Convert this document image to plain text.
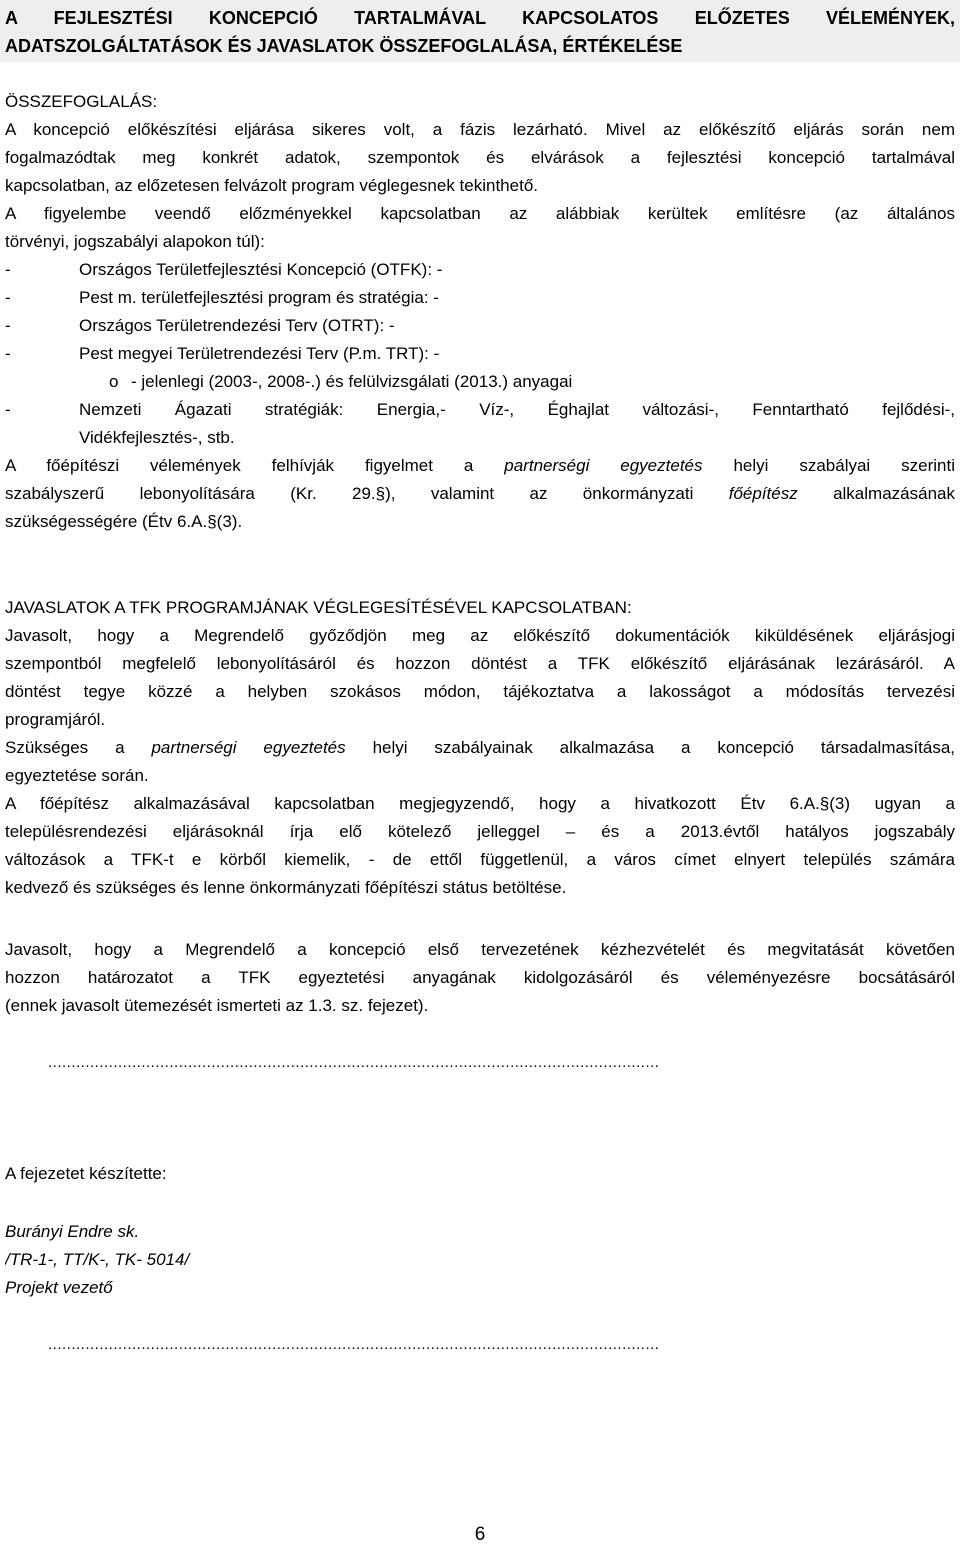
A FEJLESZTÉSI KONCEPCIÓ TARTALMÁVAL KAPCSOLATOS ELŐZETES VÉLEMÉNYEK,
ADATSZOLGÁLTATÁSOK ÉS JAVASLATOK ÖSSZEFOGLALÁSA, ÉRTÉKELÉSE
ÖSSZEFOGLALÁS:
A koncepció előkészítési eljárása sikeres volt, a fázis lezárható. Mivel az előkészítő eljárás során nem
fogalmazódtak meg konkrét adatok, szempontok és elvárások a fejlesztési koncepció tartalmával
kapcsolatban, az előzetesen felvázolt program véglegesnek tekinthető.
A figyelembe veendő előzményekkel kapcsolatban az alábbiak kerültek említésre (az általános
törvényi, jogszabályi alapokon túl):
-	Országos Területfejlesztési Koncepció (OTFK): -
-	Pest m. területfejlesztési program és stratégia: -
-	Országos Területrendezési Terv (OTRT): -
-	Pest megyei Területrendezési Terv (P.m. TRT): -
o - jelenlegi (2003-, 2008-.) és felülvizsgálati (2013.) anyagai
-	Nemzeti Ágazati stratégiák: Energia,- Víz-, Éghajlat változási-, Fenntartható fejlődési-,
Vidékfejlesztés-, stb.
A főépítészi vélemények felhívják figyelmet a partnerségi egyeztetés helyi szabályai szerinti
szabályszerű lebonyolítására (Kr. 29.§), valamint az önkormányzati főépítész alkalmazásának
szükségességére (Étv 6.A.§(3).
JAVASLATOK A TFK PROGRAMJÁNAK VÉGLEGESÍTÉSÉVEL KAPCSOLATBAN:
Javasolt, hogy a Megrendelő győződjön meg az előkészítő dokumentációk kiküldésének eljárásjogi
szempontból megfelelő lebonyolításáról és hozzon döntést a TFK előkészítő eljárásának lezárásáról. A
döntést tegye közzé a helyben szokásos módon, tájékoztatva a lakosságot a módosítás tervezési
programjáról.
Szükséges a partnerségi egyeztetés helyi szabályainak alkalmazása a koncepció társadalmasítása,
egyeztetése során.
A főépítész alkalmazásával kapcsolatban megjegyzendő, hogy a hivatkozott Étv 6.A.§(3) ugyan a
településrendezési eljárásoknál írja elő kötelező jelleggel – és a 2013.évtől hatályos jogszabály
változások a TFK-t e körből kiemelik, - de ettől függetlenül, a város címet elnyert település számára
kedvező és szükséges és lenne önkormányzati főépítészi státus betöltése.
Javasolt, hogy a Megrendelő a koncepció első tervezetének kézhezvételét és megvitatását követően
hozzon határozatot a TFK egyeztetési anyagának kidolgozásáról és véleményezésre bocsátásáról
(ennek javasolt ütemezését ismerteti az 1.3. sz. fejezet).
...................................................................................................................................
A fejezetet készítette:
Burányi Endre sk.
/TR-1-, TT/K-, TK- 5014/
Projekt vezető
...................................................................................................................................
6
